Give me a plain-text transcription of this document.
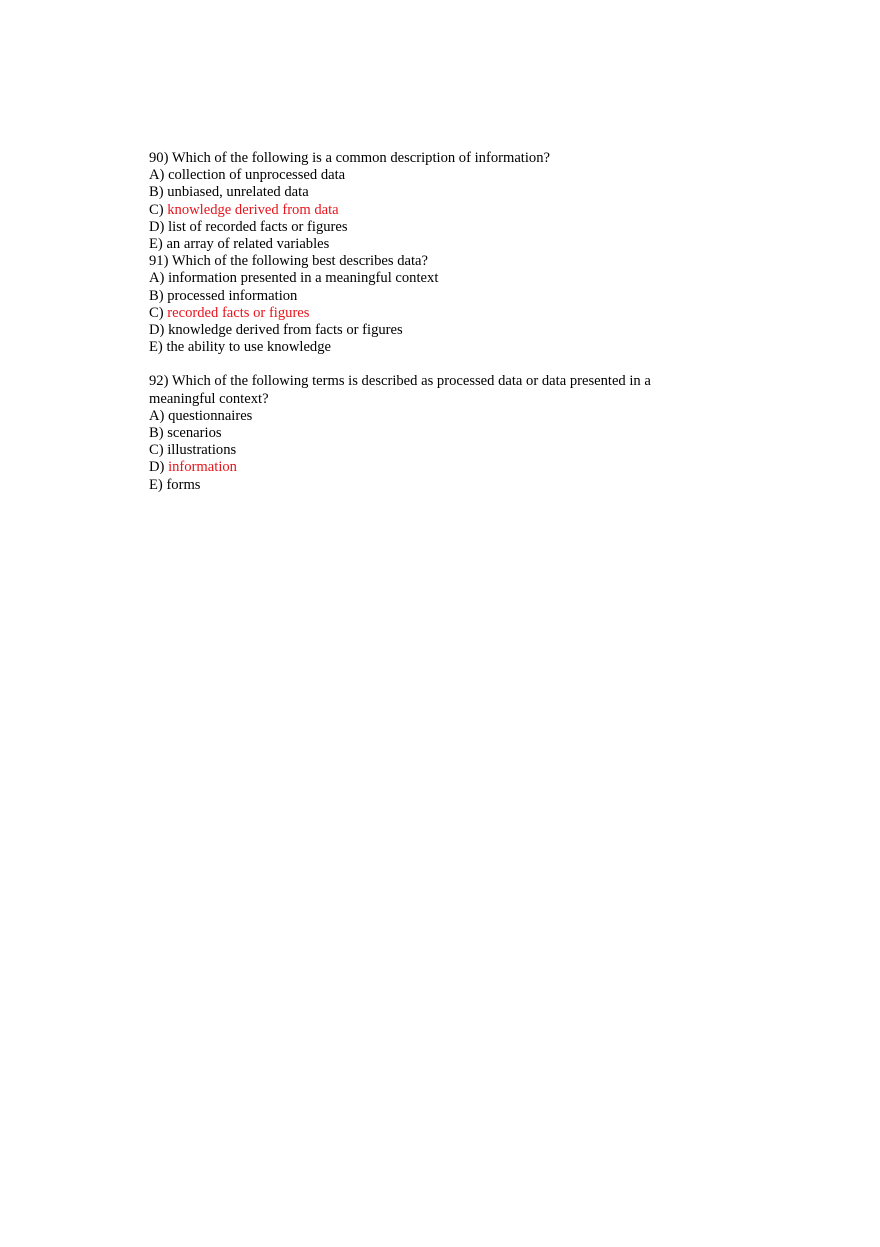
90) Which of the following is a common description of information?
A) collection of unprocessed data
B) unbiased, unrelated data
C) knowledge derived from data
D) list of recorded facts or figures
E) an array of related variables
91) Which of the following best describes data?
A) information presented in a meaningful context
B) processed information
C) recorded facts or figures
D) knowledge derived from facts or figures
E) the ability to use knowledge
92) Which of the following terms is described as processed data or data presented in a meaningful context?
A) questionnaires
B) scenarios
C) illustrations
D) information
E) forms
